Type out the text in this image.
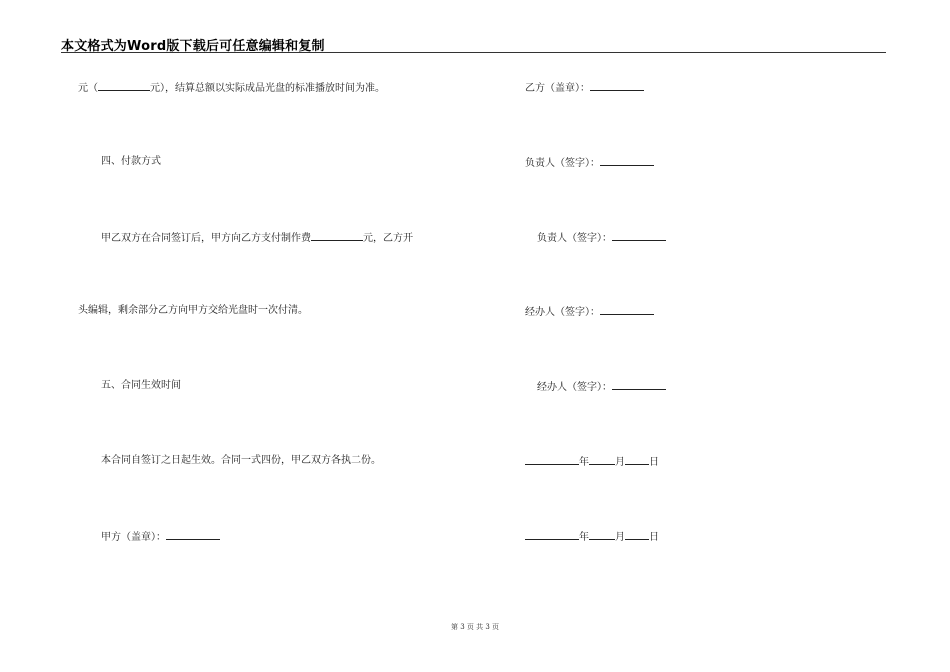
本文格式为Word版下载后可任意编辑和复制
元（	元），结算总额以实际成品光盘的标准播放时间为准。
四、付款方式
甲乙双方在合同签订后，甲方向乙方支付制作费	元，乙方开
头编辑，剩余部分乙方向甲方交给光盘时一次付清。
五、合同生效时间
本合同自签订之日起生效。合同一式四份，甲乙双方各执二份。
甲方（盖章）：
乙方（盖章）：
负责人（签字）：
负责人（签字）：
经办人（签字）：
经办人（签字）：
年	月 日
年	月 日
第 3 页 共 3 页
